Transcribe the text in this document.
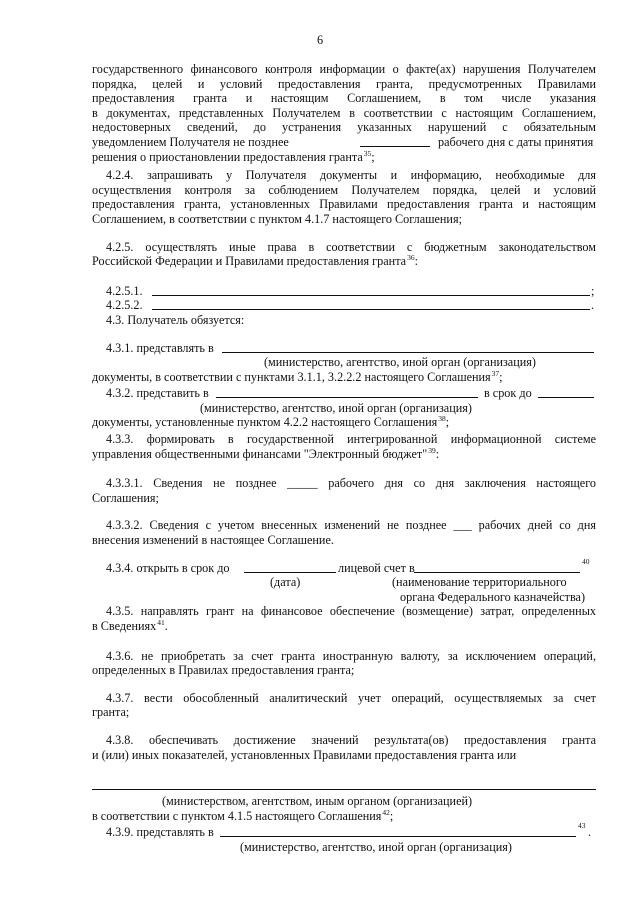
6
государственного финансового контроля информации о факте(ах) нарушения Получателем
порядка, целей и условий предоставления гранта, предусмотренных Правилами
предоставления гранта и настоящим Соглашением, в том числе указания
в документах, представленных Получателем в соответствии с настоящим Соглашением,
недостоверных сведений, до устранения указанных нарушений с обязательным
уведомлением Получателя не позднее	рабочего дня с даты принятия
решения о приостановлении предоставления гранта$^{35}$;
4.2.4. запрашивать у Получателя документы и информацию, необходимые для
осуществления контроля за соблюдением Получателем порядка, целей и условий
предоставления гранта, установленных Правилами предоставления гранта и настоящим
Соглашением, в соответствии с пунктом 4.1.7 настоящего Соглашения;
4.2.5. осуществлять иные права в соответствии с бюджетным законодательством
Российской Федерации и Правилами предоставления гранта$^{36}$:
4.2.5.1.	;
4.2.5.2.	.
4.3. Получатель обязуется:
4.3.1. представлять в
(министерство, агентство, иной орган (организация)
документы, в соответствии с пунктами 3.1.1, 3.2.2.2 настоящего Соглашения$^{37}$;
4.3.2. представить в	в срок до
(министерство, агентство, иной орган (организация)
документы, установленные пунктом 4.2.2 настоящего Соглашения$^{38}$;
4.3.3. формировать в государственной интегрированной информационной системе
управления общественными финансами "Электронный бюджет"$^{39}$:
4.3.3.1. Сведения не позднее _____ рабочего дня со дня заключения настоящего
Соглашения;
4.3.3.2. Сведения с учетом внесенных изменений не позднее ___ рабочих дней со дня
внесения изменений в настоящее Соглашение.
4.3.4. открыть в срок до	лицевой счет в	40
(дата)	(наименование территориального
органа Федерального казначейства)
4.3.5. направлять грант на финансовое обеспечение (возмещение) затрат, определенных
в Сведениях$^{41}$.
4.3.6. не приобретать за счет гранта иностранную валюту, за исключением операций,
определенных в Правилах предоставления гранта;
4.3.7. вести обособленный аналитический учет операций, осуществляемых за счет
гранта;
4.3.8. обеспечивать достижение значений результата(ов) предоставления гранта
и (или) иных показателей, установленных Правилами предоставления гранта или
(министерством, агентством, иным органом (организацией)
в соответствии с пунктом 4.1.5 настоящего Соглашения$^{42}$;
4.3.9. представлять в	43 .
(министерство, агентство, иной орган (организация)
